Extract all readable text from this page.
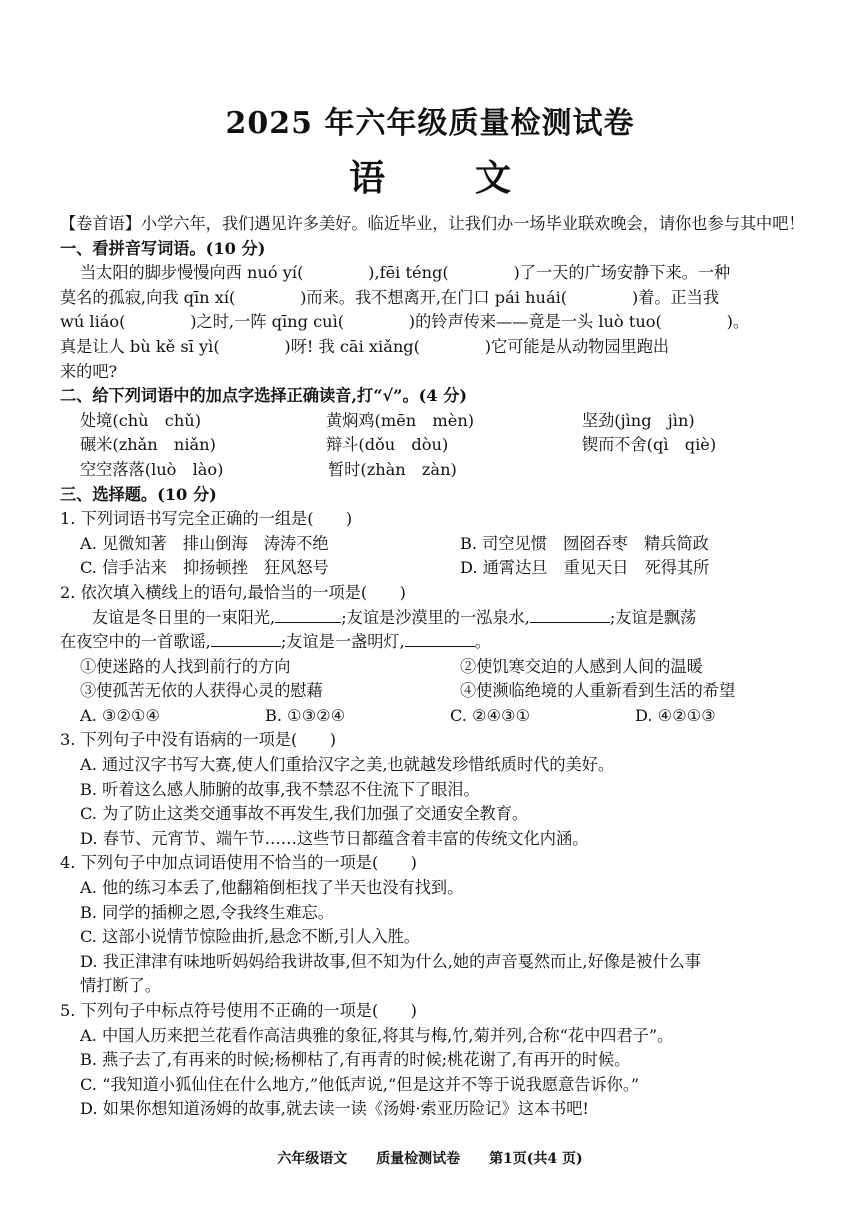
2025 年六年级质量检测试卷
语文
【卷首语】小学六年，我们遇见许多美好。临近毕业，让我们办一场毕业联欢晚会，请你也参与其中吧！
一、看拼音写词语。(10 分)
当太阳的脚步慢慢向西 nuó yí(　　　　),fēi téng(　　　　)了一天的广场安静下来。一种
莫名的孤寂,向我 qīn xí(　　　　)而来。我不想离开,在门口 pái huái(　　　　)着。正当我
wú liáo(　　　　)之时,一阵 qīng cuì(　　　　)的铃声传来——竟是一头 luò tuo(　　　　)。
真是让人 bù kě sī yì(　　　　)呀! 我 cāi xiǎng(　　　　)它可能是从动物园里跑出
来的吧?
二、给下列词语中的加点字选择正确读音,打“√”。(4 分)
处境(chù　chǔ)	黄焖鸡(mēn　mèn)	坚劲(jìng　jìn)
碾米(zhǎn　niǎn)	辩斗(dǒu　dòu)	锲而不舍(qì　qiè)
空空落落(luò　lào)	暂时(zhàn　zàn)
三、选择题。(10 分)
1. 下列词语书写完全正确的一组是(　　)
A. 见微知著　排山倒海　涛涛不绝	B. 司空见惯　囫囵吞枣　精兵简政
C. 信手沾来　抑扬顿挫　狂风怒号	D. 通霄达旦　重见天日　死得其所
2. 依次填入横线上的语句,最恰当的一项是(　　)
友谊是冬日里的一束阳光,	;友谊是沙漠里的一泓泉水,	;友谊是飘荡
在夜空中的一首歌谣,	;友谊是一盏明灯,	。
①使迷路的人找到前行的方向	②使饥寒交迫的人感到人间的温暖
③使孤苦无依的人获得心灵的慰藉	④使濒临绝境的人重新看到生活的希望
A. ③②①④	B. ①③②④	C. ②④③①	D. ④②①③
3. 下列句子中没有语病的一项是(　　)
A. 通过汉字书写大赛,使人们重拾汉字之美,也就越发珍惜纸质时代的美好。
B. 听着这么感人肺腑的故事,我不禁忍不住流下了眼泪。
C. 为了防止这类交通事故不再发生,我们加强了交通安全教育。
D. 春节、元宵节、端午节……这些节日都蕴含着丰富的传统文化内涵。
4. 下列句子中加点词语使用不恰当的一项是(　　)
A. 他的练习本丢了,他翻箱倒柜找了半天也没有找到。
B. 同学的插柳之恩,令我终生难忘。
C. 这部小说情节惊险曲折,悬念不断,引人入胜。
D. 我正津津有味地听妈妈给我讲故事,但不知为什么,她的声音戛然而止,好像是被什么事
情打断了。
5. 下列句子中标点符号使用不正确的一项是(　　)
A. 中国人历来把兰花看作高洁典雅的象征,将其与梅,竹,菊并列,合称“花中四君子”。
B. 燕子去了,有再来的时候;杨柳枯了,有再青的时候;桃花谢了,有再开的时候。
C. “我知道小狐仙住在什么地方,”他低声说,“但是这并不等于说我愿意告诉你。”
D. 如果你想知道汤姆的故事,就去读一读《汤姆·索亚历险记》这本书吧!
六年级语文 质量检测试卷 第1页(共4 页)
